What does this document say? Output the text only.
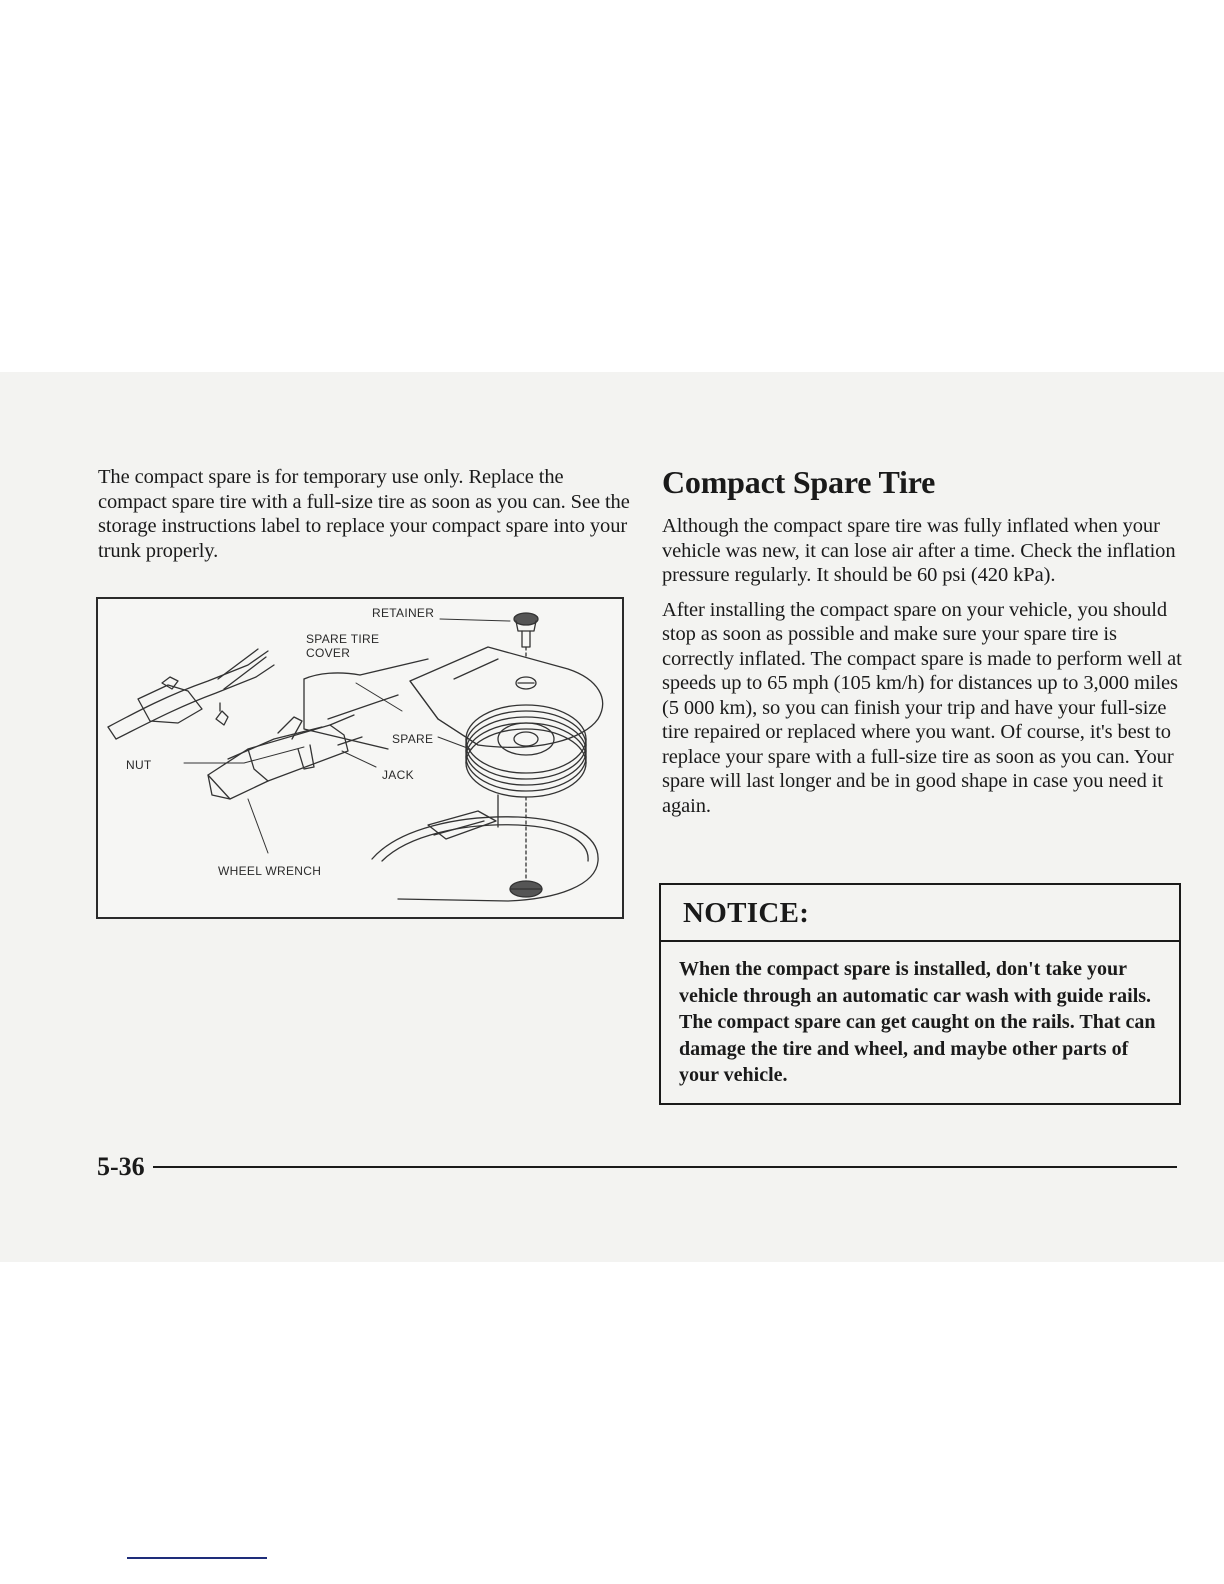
The compact spare is for temporary use only. Replace the compact spare tire with a full-size tire as soon as you can. See the storage instructions label to replace your compact spare into your trunk properly.

RETAINER
SPARE TIRE
COVER
SPARE
JACK
NUT
WHEEL WRENCH
Compact Spare Tire

Although the compact spare tire was fully inflated when your vehicle was new, it can lose air after a time. Check the inflation pressure regularly. It should be 60 psi (420 kPa).

After installing the compact spare on your vehicle, you should stop as soon as possible and make sure your spare tire is correctly inflated. The compact spare is made to perform well at speeds up to 65 mph (105 km/h) for distances up to 3,000 miles (5 000 km), so you can finish your trip and have your full-size tire repaired or replaced where you want. Of course, it's best to replace your spare with a full-size tire as soon as you can. Your spare will last longer and be in good shape in case you need it again.

NOTICE:

When the compact spare is installed, don't take your vehicle through an automatic car wash with guide rails. The compact spare can get caught on the rails. That can damage the tire and wheel, and maybe other parts of your vehicle.

5-36
